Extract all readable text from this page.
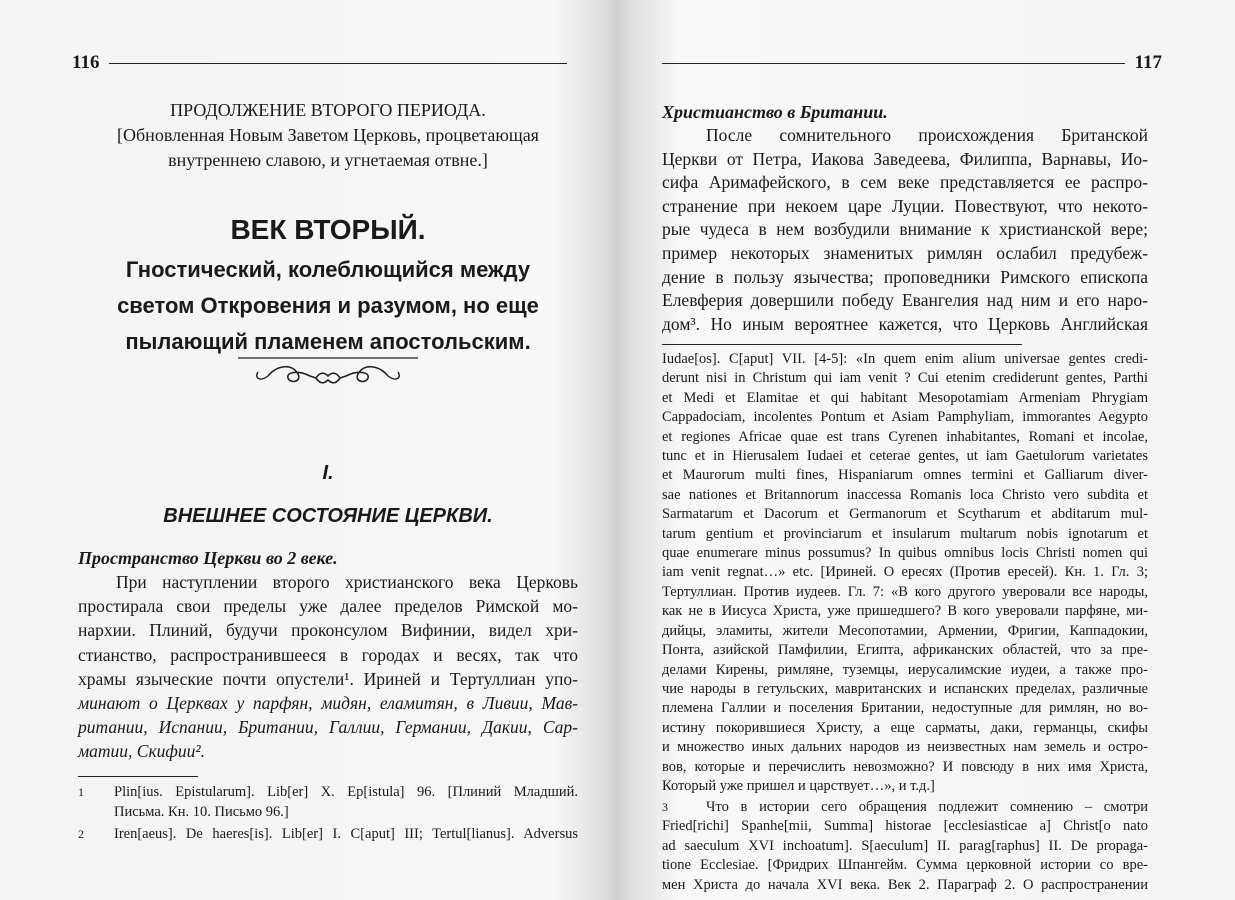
116
ПРОДОЛЖЕНИЕ ВТОРОГО ПЕРИОДА.
[Обновленная Новым Заветом Церковь, процветающая
внутреннею славою, и угнетаемая отвне.]
ВЕК ВТОРЫЙ.
Гностический, колеблющийся между
светом Откровения и разумом, но еще
пылающий пламенем апостольским.
I.
ВНЕШНЕЕ СОСТОЯНИЕ ЦЕРКВИ.
Пространство Церкви во 2 веке.
При наступлении второго христианского века Церковь
простирала свои пределы уже далее пределов Римской мо-
нархии. Плиний, будучи проконсулом Вифинии, видел хри-
стианство, распространившееся в городах и весях, так что
храмы языческие почти опустели¹. Ириней и Тертуллиан упо-
минают о Церквах у парфян, мидян, еламитян, в Ливии, Мав-
ритании, Испании, Британии, Галлии, Германии, Дакии, Сар-
матии, Скифии².
1 Plin[ius. Epistularum]. Lib[er] X. Ep[istula] 96. [Плиний Младший.
Письма. Кн. 10. Письмо 96.]
2 Iren[aeus]. De haeres[is]. Lib[er] I. C[aput] III; Tertul[lianus]. Adversus
117
Христианство в Британии.
После сомнительного происхождения Британской
Церкви от Петра, Иакова Заведеева, Филиппа, Варнавы, Ио-
сифа Аримафейского, в сем веке представляется ее распро-
странение при некоем царе Луции. Повествуют, что некото-
рые чудеса в нем возбудили внимание к христианской вере;
пример некоторых знаменитых римлян ослабил предубеж-
дение в пользу язычества; проповедники Римского епископа
Елевферия довершили победу Евангелия над ним и его наро-
дом³. Но иным вероятнее кажется, что Церковь Английская
Iudae[os]. C[aput] VII. [4-5]: «In quem enim alium universae gentes credi-
derunt nisi in Christum qui iam venit ? Cui etenim crediderunt gentes, Parthi
et Medi et Elamitae et qui habitant Mesopotamiam Armeniam Phrygiam
Cappadociam, incolentes Pontum et Asiam Pamphyliam, immorantes Aegypto
et regiones Africae quae est trans Cyrenen inhabitantes, Romani et incolae,
tunc et in Hierusalem Iudaei et ceterae gentes, ut iam Gaetulorum varietates
et Maurorum multi fines, Hispaniarum omnes termini et Galliarum diver-
sae nationes et Britannorum inaccessa Romanis loca Christo vero subdita et
Sarmatarum et Dacorum et Germanorum et Scytharum et abditarum mul-
tarum gentium et provinciarum et insularum multarum nobis ignotarum et
quae enumerare minus possumus? In quibus omnibus locis Christi nomen qui
iam venit regnat…» etc. [Ириней. О ересях (Против ересей). Кн. 1. Гл. 3;
Тертуллиан. Против иудеев. Гл. 7: «В кого другого уверовали все народы,
как не в Иисуса Христа, уже пришедшего? В кого уверовали парфяне, ми-
дийцы, эламиты, жители Месопотамии, Армении, Фригии, Каппадокии,
Понта, азийской Памфилии, Египта, африканских областей, что за пре-
делами Кирены, римляне, туземцы, иерусалимские иудеи, а также про-
чие народы в гетульских, мавританских и испанских пределах, различные
племена Галлии и поселения Британии, недоступные для римлян, но во-
истину покорившиеся Христу, а еще сарматы, даки, германцы, скифы
и множество иных дальних народов из неизвестных нам земель и остро-
вов, которые и перечислить невозможно? И повсюду в них имя Христа,
Который уже пришел и царствует…», и т.д.]
3	Что в истории сего обращения подлежит сомнению – смотри
Fried[richi] Spanhe[mii, Summa] historae [ecclesiasticae a] Christ[o nato
ad saeculum XVI inchoatum]. S[aeculum] II. parag[raphus] II. De propaga-
tione Ecclesiae. [Фридрих Шпангейм. Сумма церковной истории со вре-
мен Христа до начала XVI века. Век 2. Параграф 2. О распространении
